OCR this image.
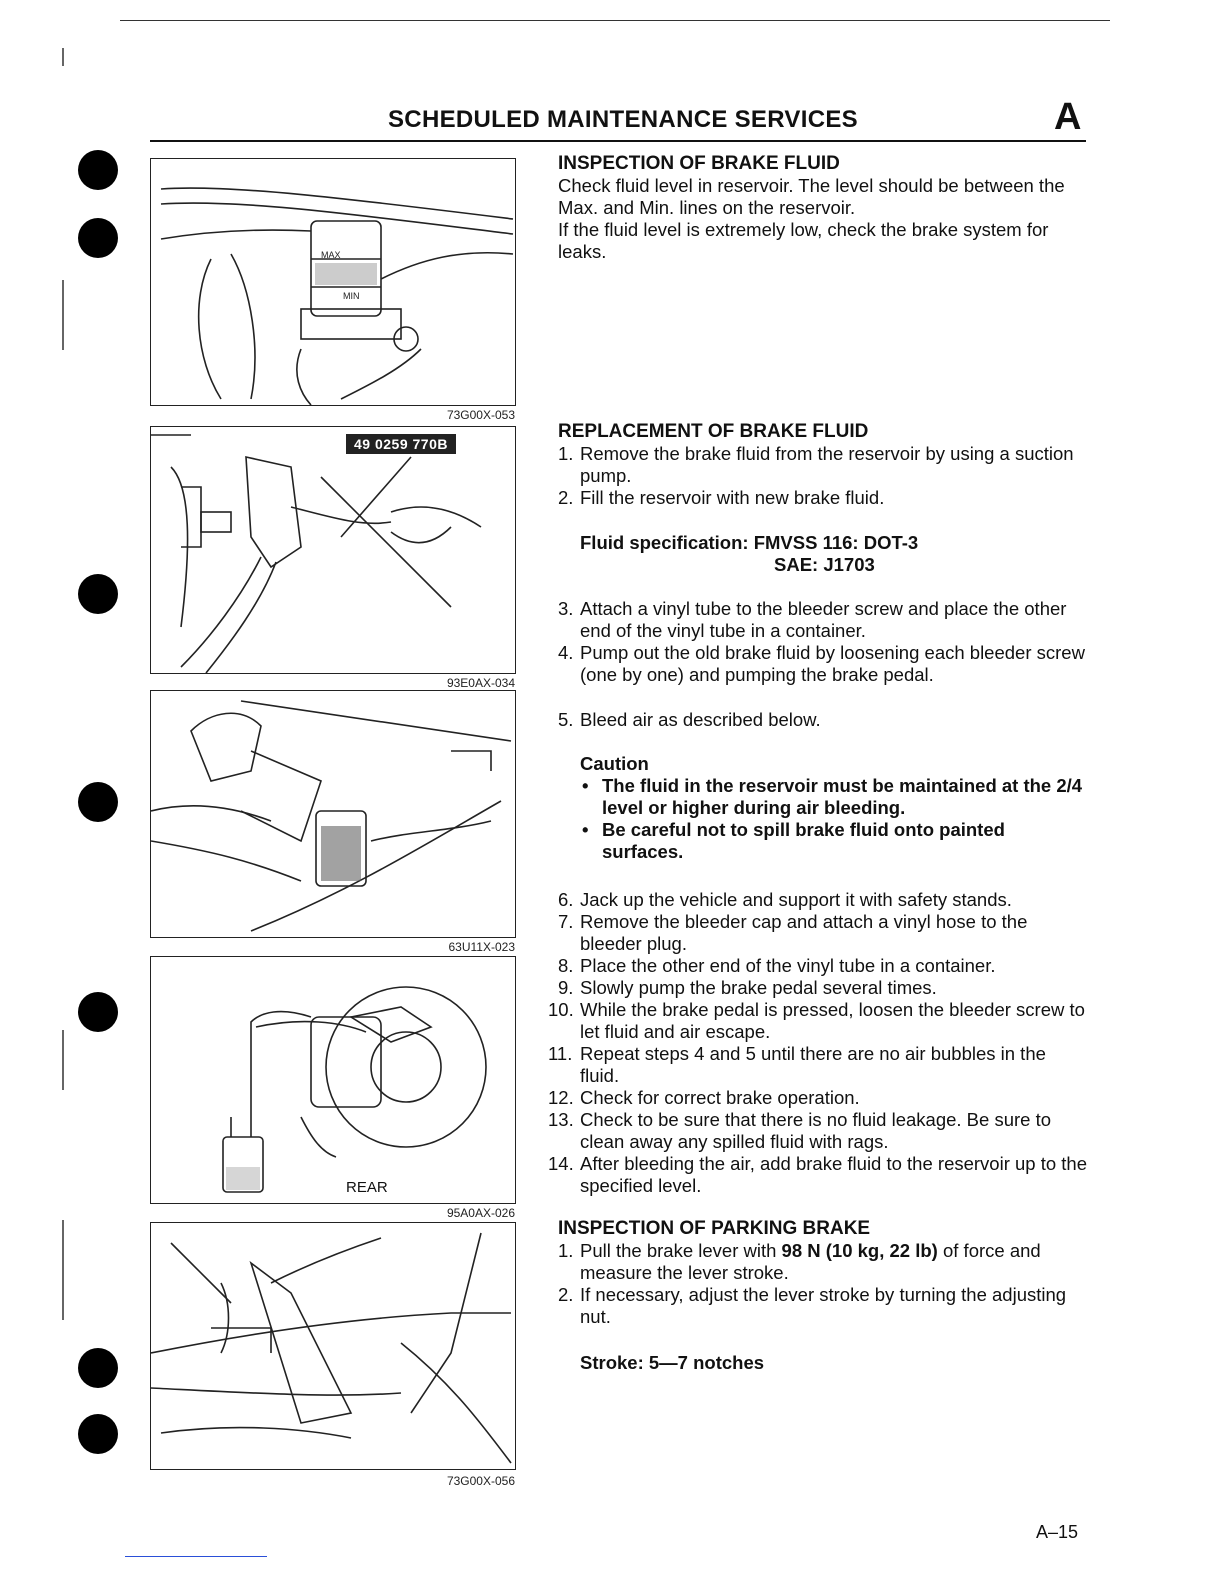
SCHEDULED MAINTENANCE SERVICES	A
MAX
MIN
73G00X-053
49 0259 770B
93E0AX-034
63U11X-023
REAR
95A0AX-026
73G00X-056
INSPECTION OF BRAKE FLUID

Check fluid level in reservoir. The level should be between the Max. and Min. lines on the reservoir.

If the fluid level is extremely low, check the brake system for leaks.

REPLACEMENT OF BRAKE FLUID
1. Remove the brake fluid from the reservoir by using a suction pump.
2. Fill the reservoir with new brake fluid.
Fluid specification: FMVSS 116: DOT-3
SAE: J1703
3. Attach a vinyl tube to the bleeder screw and place the other end of the vinyl tube in a container.
4. Pump out the old brake fluid by loosening each bleeder screw (one by one) and pumping the brake pedal.
5. Bleed air as described below.
Caution
• The fluid in the reservoir must be maintained at the 2/4 level or higher during air bleeding.
• Be careful not to spill brake fluid onto painted surfaces.
6. Jack up the vehicle and support it with safety stands.
7. Remove the bleeder cap and attach a vinyl hose to the bleeder plug.
8. Place the other end of the vinyl tube in a container.
9. Slowly pump the brake pedal several times.
10. While the brake pedal is pressed, loosen the bleeder screw to let fluid and air escape.
11. Repeat steps 4 and 5 until there are no air bubbles in the fluid.
12. Check for correct brake operation.
13. Check to be sure that there is no fluid leakage. Be sure to clean away any spilled fluid with rags.
14. After bleeding the air, add brake fluid to the reservoir up to the specified level.
INSPECTION OF PARKING BRAKE
1. Pull the brake lever with 98 N (10 kg, 22 lb) of force and measure the lever stroke.
2. If necessary, adjust the lever stroke by turning the adjusting nut.
Stroke: 5—7 notches
A–15
